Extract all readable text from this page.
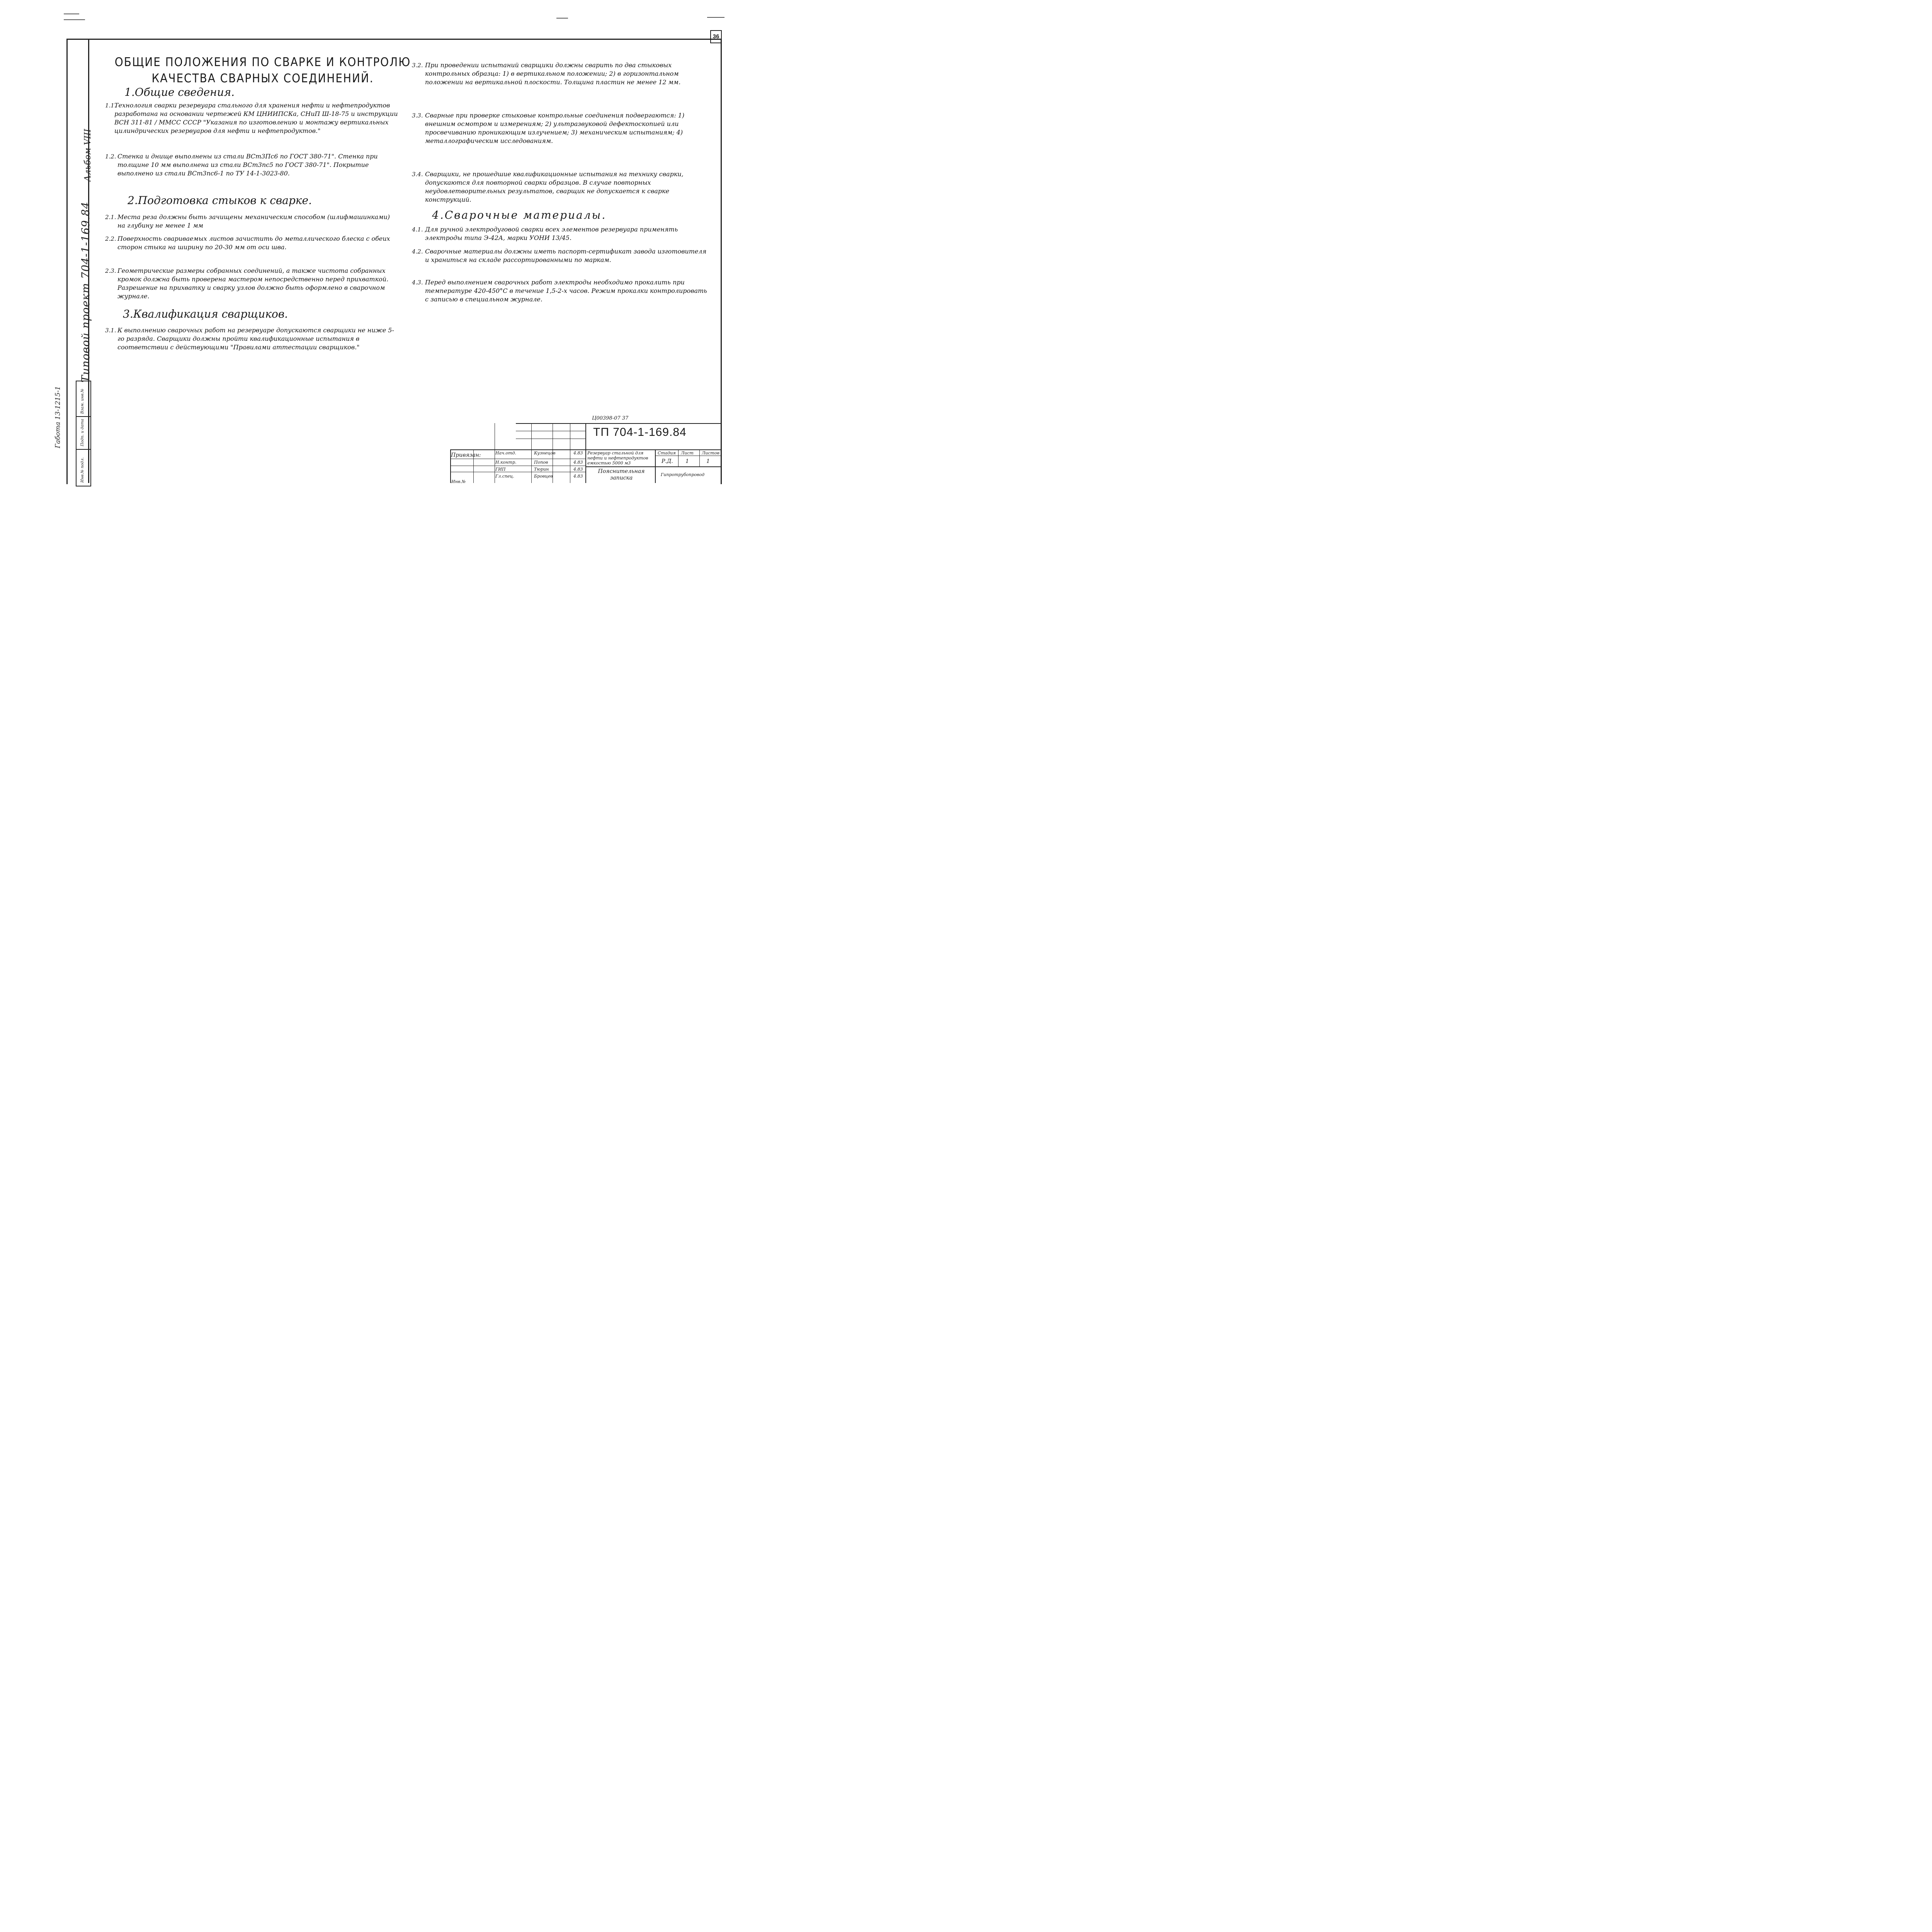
36
Альбом VIII
Типовой проект 704-1-169.84
Габота 13-1215-1
Инв.№ подл.
Подп. и дата
Взам. инв.№
ОБЩИЕ ПОЛОЖЕНИЯ ПО СВАРКЕ И КОНТРОЛЮ
КАЧЕСТВА СВАРНЫХ СОЕДИНЕНИЙ.
1.Общие сведения.
1.1.
Технология сварки резервуара стального для хранения нефти и нефтепродуктов разработана на основании чертежей КМ ЦНИИПСКа, СНиП Ш-18-75 и инструкции ВСН 311-81 / ММСС СССР "Указания по изготовлению и монтажу вертикальных цилиндрических резервуаров для нефти и нефтепродуктов."
1.2. Стенка и днище выполнены из стали ВСт3Пс6 по ГОСТ 380-71". Стенка при толщине 10 мм выполнена из стали ВСт3пс5 по ГОСТ 380-71". Покрытие выполнено из стали ВСт3пс6-1 по ТУ 14-1-3023-80.
2.Подготовка стыков к сварке.
2.1. Места реза должны быть зачищены механическим способом (шлифмашинками) на глубину не менее 1 мм
2.2. Поверхность свариваемых листов зачистить до металлического блеска с обеих сторон стыка на ширину по 20-30 мм от оси шва.
2.3. Геометрические размеры собранных соединений, а также чистота собранных кромок должна быть проверена мастером непосредственно перед прихваткой. Разрешение на прихватку и сварку узлов должно быть оформлено в сварочном журнале.
3.Квалификация сварщиков.
3.1. К выполнению сварочных работ на резервуаре допускаются сварщики не ниже 5-го разряда. Сварщики должны пройти квалификационные испытания в соответствии с действующими "Правилами аттестации сварщиков."
3.2. При проведении испытаний сварщики должны сварить по два стыковых контрольных образца: 1) в вертикальном положении; 2) в горизонтальном положении на вертикальной плоскости. Толщина пластин не менее 12 мм.
3.3. Сварные при проверке стыковые контрольные соединения подвергаются: 1) внешним осмотром и измерениям; 2) ультразвуковой дефектоскопией или просвечиванию проникающим излучением; 3) механическим испытаниям; 4) металлографическим исследованиям.
3.4. Сварщики, не прошедшие квалификационные испытания на технику сварки, допускаются для повторной сварки образцов. В случае повторных неудовлетворительных результатов, сварщик не допускается к сварке конструкций.
4.Сварочные материалы.
4.1. Для ручной электродуговой сварки всех элементов резервуара применять электроды типа Э-42А, марки УОНИ 13/45.
4.2. Сварочные материалы должны иметь паспорт-сертификат завода изготовителя и храниться на складе рассортированными по маркам.
4.3. Перед выполнением сварочных работ электроды необходимо прокалить при температуре 420-450°С в течение 1,5-2-х часов. Режим прокалки контролировать с записью в специальном журнале.
Ц00398-07 37
ТП 704-1-169.84
Привязан:	Нач.отд.	Кузнецов	4.83
Н.контр.	Попов	4.83
ГИП	Тюрин	4.83
Гл.спец.	Бровцев	4.83
Инв.№
Резервуар стальной для нефти и нефтепродуктов емкостью 5000 м3
Пояснительная записка
Стадия Лист Листов
Р.Д. 1	1
Гипротрубопровод
